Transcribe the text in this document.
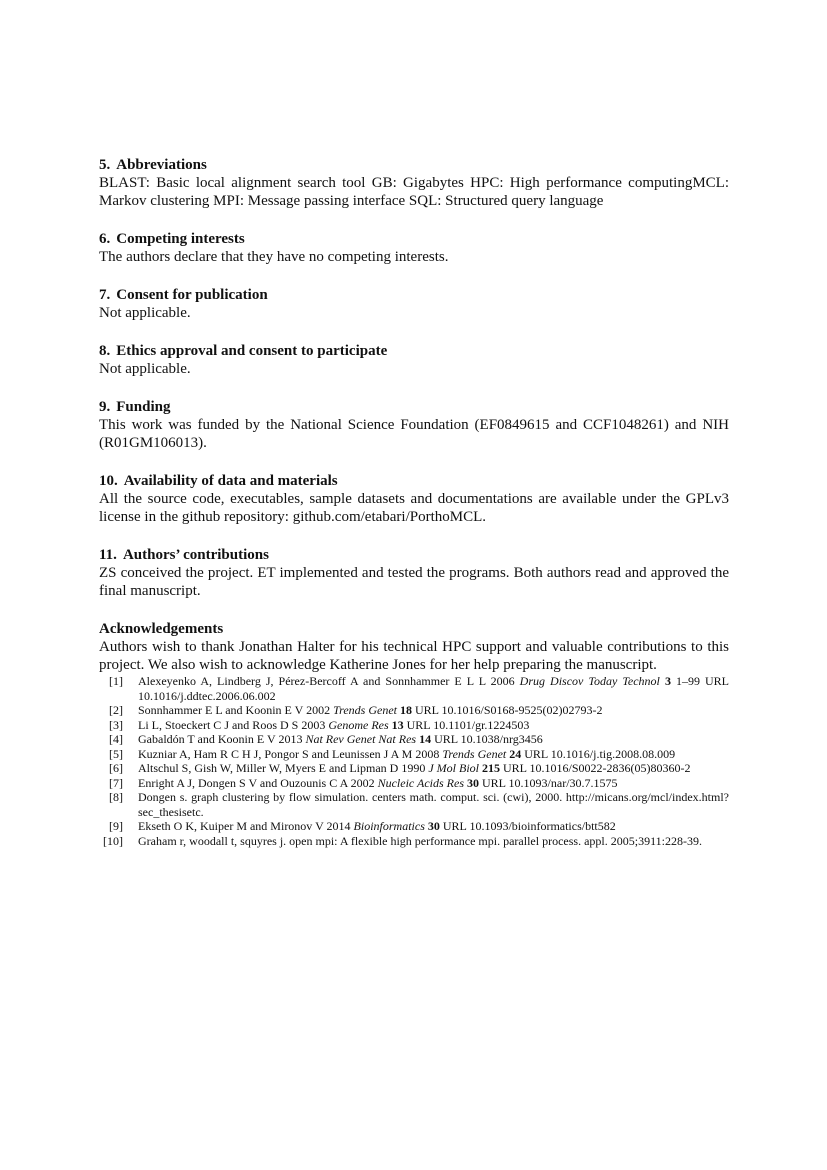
5. Abbreviations

BLAST: Basic local alignment search tool GB: Gigabytes HPC: High performance computingMCL: Markov clustering MPI: Message passing interface SQL: Structured query language

6. Competing interests

The authors declare that they have no competing interests.

7. Consent for publication

Not applicable.

8. Ethics approval and consent to participate

Not applicable.

9. Funding

This work was funded by the National Science Foundation (EF0849615 and CCF1048261) and NIH (R01GM106013).

10. Availability of data and materials

All the source code, executables, sample datasets and documentations are available under the GPLv3 license in the github repository: github.com/etabari/PorthoMCL.

11. Authors’ contributions

ZS conceived the project. ET implemented and tested the programs. Both authors read and approved the final manuscript.

Acknowledgements

Authors wish to thank Jonathan Halter for his technical HPC support and valuable contributions to this project. We also wish to acknowledge Katherine Jones for her help preparing the manuscript.

[1] Alexeyenko A, Lindberg J, Pérez-Bercoff A and Sonnhammer E L L 2006 Drug Discov Today Technol 3 1–99 URL 10.1016/j.ddtec.2006.06.002
[2] Sonnhammer E L and Koonin E V 2002 Trends Genet 18 URL 10.1016/S0168-9525(02)02793-2
[3] Li L, Stoeckert C J and Roos D S 2003 Genome Res 13 URL 10.1101/gr.1224503
[4] Gabaldón T and Koonin E V 2013 Nat Rev Genet Nat Res 14 URL 10.1038/nrg3456
[5] Kuzniar A, Ham R C H J, Pongor S and Leunissen J A M 2008 Trends Genet 24 URL 10.1016/j.tig.2008.08.009
[6] Altschul S, Gish W, Miller W, Myers E and Lipman D 1990 J Mol Biol 215 URL 10.1016/S0022-2836(05)80360-2
[7] Enright A J, Dongen S V and Ouzounis C A 2002 Nucleic Acids Res 30 URL 10.1093/nar/30.7.1575
[8] Dongen s. graph clustering by flow simulation. centers math. comput. sci. (cwi), 2000. http://micans.org/mcl/index.html?sec_thesisetc.
[9] Ekseth O K, Kuiper M and Mironov V 2014 Bioinformatics 30 URL 10.1093/bioinformatics/btt582
[10] Graham r, woodall t, squyres j. open mpi: A flexible high performance mpi. parallel process. appl. 2005;3911:228-39.
